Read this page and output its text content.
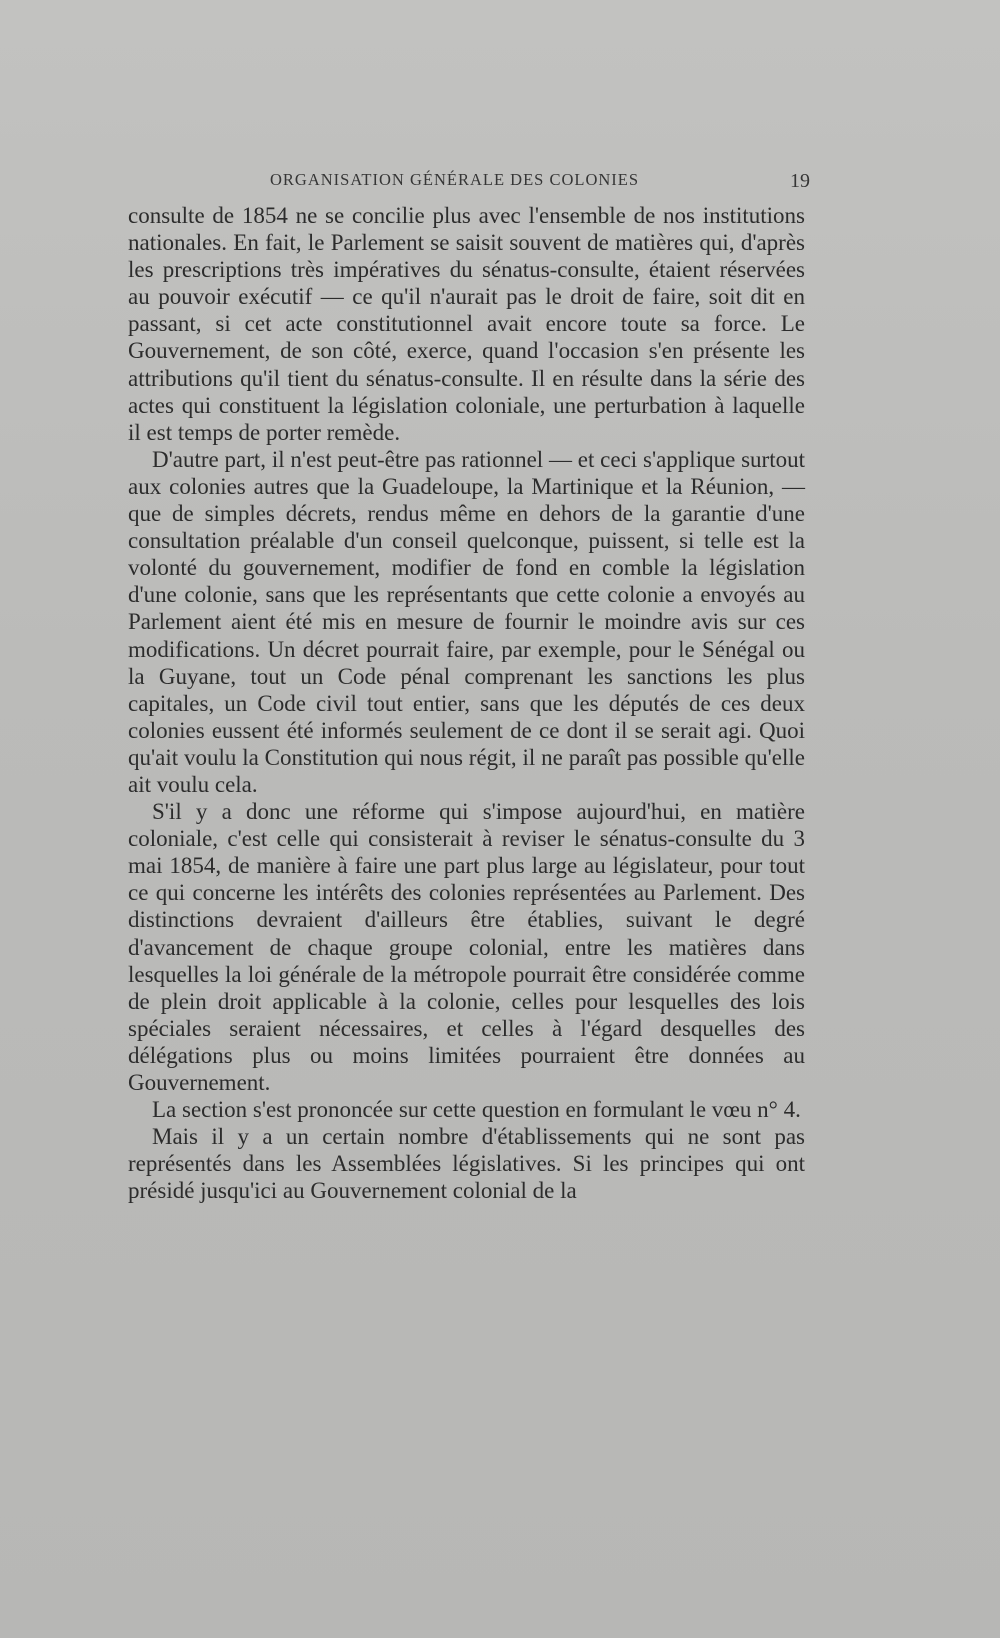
ORGANISATION GÉNÉRALE DES COLONIES	19

consulte de 1854 ne se concilie plus avec l'ensemble de nos institutions nationales. En fait, le Parlement se saisit souvent de matières qui, d'après les prescriptions très impératives du sénatus-consulte, étaient réservées au pouvoir exécutif — ce qu'il n'aurait pas le droit de faire, soit dit en passant, si cet acte constitutionnel avait encore toute sa force. Le Gouvernement, de son côté, exerce, quand l'occasion s'en présente les attributions qu'il tient du sénatus-consulte. Il en résulte dans la série des actes qui constituent la législation coloniale, une perturbation à laquelle il est temps de porter remède.

D'autre part, il n'est peut-être pas rationnel — et ceci s'applique surtout aux colonies autres que la Guadeloupe, la Martinique et la Réunion, — que de simples décrets, rendus même en dehors de la garantie d'une consultation préalable d'un conseil quelconque, puissent, si telle est la volonté du gouvernement, modifier de fond en comble la législation d'une colonie, sans que les représentants que cette colonie a envoyés au Parlement aient été mis en mesure de fournir le moindre avis sur ces modifications. Un décret pourrait faire, par exemple, pour le Sénégal ou la Guyane, tout un Code pénal comprenant les sanctions les plus capitales, un Code civil tout entier, sans que les députés de ces deux colonies eussent été informés seulement de ce dont il se serait agi. Quoi qu'ait voulu la Constitution qui nous régit, il ne paraît pas possible qu'elle ait voulu cela.

S'il y a donc une réforme qui s'impose aujourd'hui, en matière coloniale, c'est celle qui consisterait à reviser le sénatus-consulte du 3 mai 1854, de manière à faire une part plus large au législateur, pour tout ce qui concerne les intérêts des colonies représentées au Parlement. Des distinctions devraient d'ailleurs être établies, suivant le degré d'avancement de chaque groupe colonial, entre les matières dans lesquelles la loi générale de la métropole pourrait être considérée comme de plein droit applicable à la colonie, celles pour lesquelles des lois spéciales seraient nécessaires, et celles à l'égard desquelles des délégations plus ou moins limitées pourraient être données au Gouvernement.

La section s'est prononcée sur cette question en formulant le vœu n° 4.

Mais il y a un certain nombre d'établissements qui ne sont pas représentés dans les Assemblées législatives. Si les principes qui ont présidé jusqu'ici au Gouvernement colonial de la
